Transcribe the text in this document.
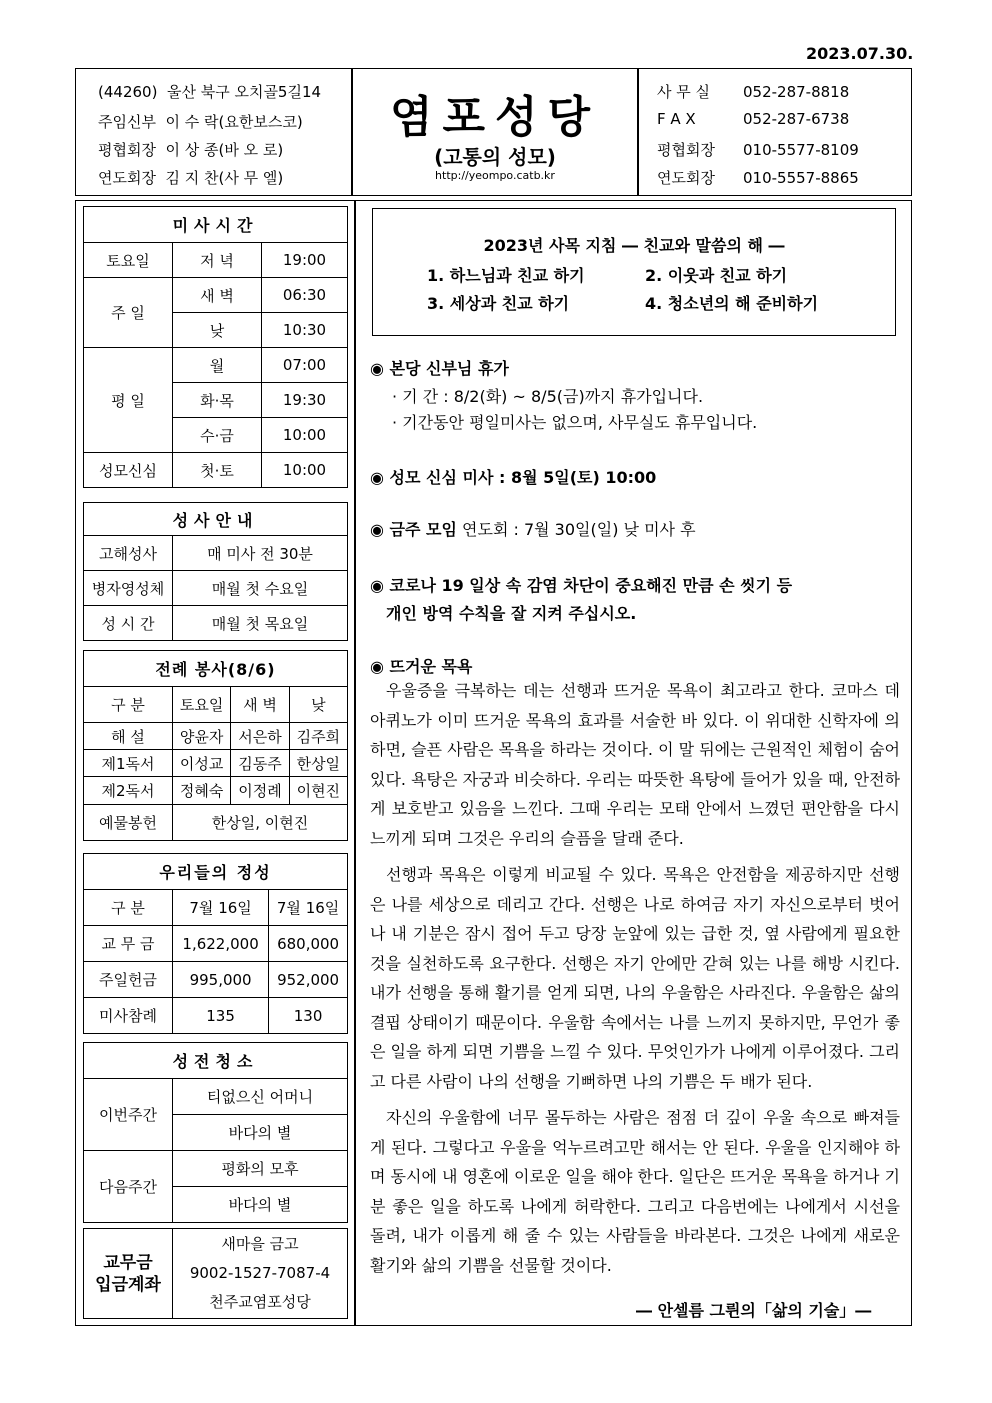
2023.07.30.
(44260) 울산 북구 오치골5길14
주임신부 이 수 락(요한보스코)
평협회장 이 상 종(바 오 로)
연도회장 김 지 찬(사 무 엘)
염포성당
(고통의 성모)
http://yeompo.catb.kr
사 무 실 052-287-8818
F A X	052-287-6738
평협회장 010-5577-8109
연도회장 010-5557-8865
미사시간		
토요일	저 녁	19:00
주 일	새 벽	06:30
	낮	10:30
평 일	월	07:00
	화·목	19:30
	수·금	10:00
성모신심	첫·토	10:00
성사안내	
고해성사	매 미사 전 30분
병자영성체	매월 첫 수요일
성 시 간	매월 첫 목요일
전례 봉사(8/6)			
구 분	토요일	새 벽	낮
해 설	양윤자	서은하	김주희
제1독서	이성교	김동주	한상일
제2독서	정혜숙	이정례	이현진
예물봉헌	한상일, 이현진		
우리들의 정성		
구 분	7월 16일	7월 16일
교 무 금	1,622,000	680,000
주일헌금	995,000	952,000
미사참례	135	130
성전청소	
이번주간	티없으신 어머니
	바다의 별
다음주간	평화의 모후
	바다의 별
교무금
입금계좌	새마을 금고
9002-1527-7087-4
천주교염포성당
2023년 사목 지침 ― 친교와 말씀의 해 ―
1. 하느님과 친교 하기	2. 이웃과 친교 하기
3. 세상과 친교 하기	4. 청소년의 해 준비하기
◉ 본당 신부님 휴가
· 기 간 : 8/2(화) ~ 8/5(금)까지 휴가입니다.
· 기간동안 평일미사는 없으며, 사무실도 휴무입니다.
◉ 성모 신심 미사 : 8월 5일(토) 10:00
◉ 금주 모임 연도회 : 7월 30일(일) 낮 미사 후
◉ 코로나 19 일상 속 감염 차단이 중요해진 만큼 손 씻기 등
개인 방역 수칙을 잘 지켜 주십시오.
◉ 뜨거운 목욕
우울증을 극복하는 데는 선행과 뜨거운 목욕이 최고라고 한다. 코마스 데 아퀴노가 이미 뜨거운 목욕의 효과를 서술한 바 있다. 이 위대한 신학자에 의하면, 슬픈 사람은 목욕을 하라는 것이다. 이 말 뒤에는 근원적인 체험이 숨어 있다. 욕탕은 자궁과 비슷하다. 우리는 따뜻한 욕탕에 들어가 있을 때, 안전하게 보호받고 있음을 느낀다. 그때 우리는 모태 안에서 느꼈던 편안함을 다시 느끼게 되며 그것은 우리의 슬픔을 달래 준다.
선행과 목욕은 이렇게 비교될 수 있다. 목욕은 안전함을 제공하지만 선행은 나를 세상으로 데리고 간다. 선행은 나로 하여금 자기 자신으로부터 벗어나 내 기분은 잠시 접어 두고 당장 눈앞에 있는 급한 것, 옆 사람에게 필요한 것을 실천하도록 요구한다. 선행은 자기 안에만 갇혀 있는 나를 해방 시킨다. 내가 선행을 통해 활기를 얻게 되면, 나의 우울함은 사라진다. 우울함은 삶의 결핍 상태이기 때문이다. 우울함 속에서는 나를 느끼지 못하지만, 무언가 좋은 일을 하게 되면 기쁨을 느낄 수 있다. 무엇인가가 나에게 이루어졌다. 그리고 다른 사람이 나의 선행을 기뻐하면 나의 기쁨은 두 배가 된다.
자신의 우울함에 너무 몰두하는 사람은 점점 더 깊이 우울 속으로 빠져들게 된다. 그렇다고 우울을 억누르려고만 해서는 안 된다. 우울을 인지해야 하며 동시에 내 영혼에 이로운 일을 해야 한다. 일단은 뜨거운 목욕을 하거나 기분 좋은 일을 하도록 나에게 허락한다. 그리고 다음번에는 나에게서 시선을 돌려, 내가 이롭게 해 줄 수 있는 사람들을 바라본다. 그것은 나에게 새로운 활기와 삶의 기쁨을 선물할 것이다.
― 안셀름 그륀의「삶의 기술」―
